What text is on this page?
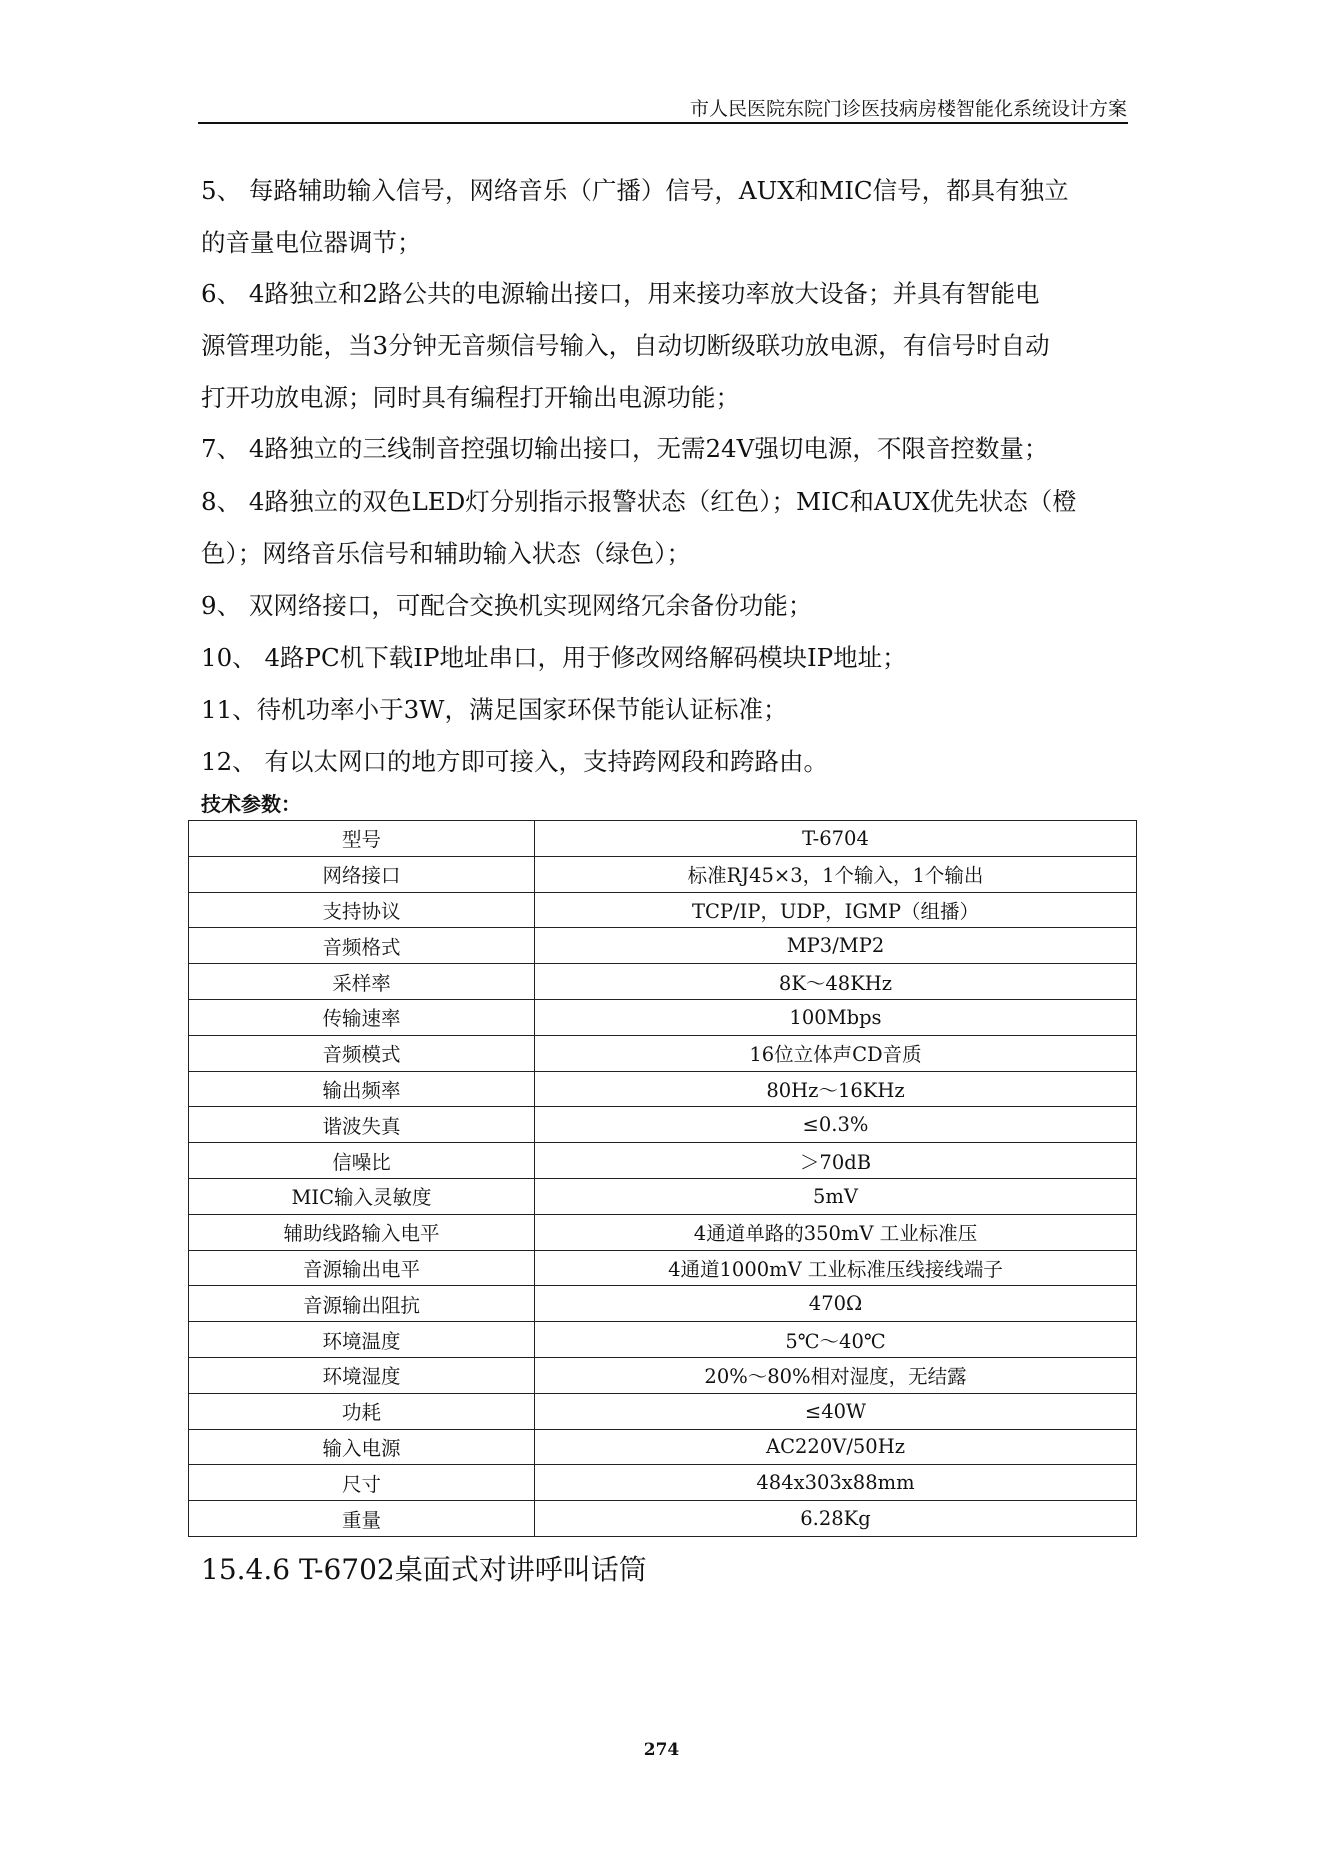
市人民医院东院门诊医技病房楼智能化系统设计方案
5、 每路辅助输入信号，网络音乐（广播）信号，AUX和MIC信号，都具有独立
的音量电位器调节；
6、 4路独立和2路公共的电源输出接口，用来接功率放大设备；并具有智能电
源管理功能，当3分钟无音频信号输入，自动切断级联功放电源，有信号时自动
打开功放电源；同时具有编程打开输出电源功能；
7、 4路独立的三线制音控强切输出接口，无需24V强切电源，不限音控数量；
8、 4路独立的双色LED灯分别指示报警状态（红色）；MIC和AUX优先状态（橙
色）；网络音乐信号和辅助输入状态（绿色）；
9、 双网络接口，可配合交换机实现网络冗余备份功能；
10、 4路PC机下载IP地址串口，用于修改网络解码模块IP地址；
11、待机功率小于3W，满足国家环保节能认证标准；
12、 有以太网口的地方即可接入，支持跨网段和跨路由。
技术参数：
型号	T-6704
网络接口	标准RJ45×3，1个输入，1个输出
支持协议	TCP/IP，UDP，IGMP（组播）
音频格式	MP3/MP2
采样率	8K～48KHz
传输速率	100Mbps
音频模式	16位立体声CD音质
输出频率	80Hz～16KHz
谐波失真	≤0.3%
信噪比	＞70dB
MIC输入灵敏度	5mV
辅助线路输入电平	4通道单路的350mV 工业标准压
音源输出电平	4通道1000mV 工业标准压线接线端子
音源输出阻抗	470Ω
环境温度	5℃～40℃
环境湿度	20%～80%相对湿度，无结露
功耗	≤40W
输入电源	AC220V/50Hz
尺寸	484x303x88mm
重量	6.28Kg
15.4.6 T-6702桌面式对讲呼叫话筒
274
